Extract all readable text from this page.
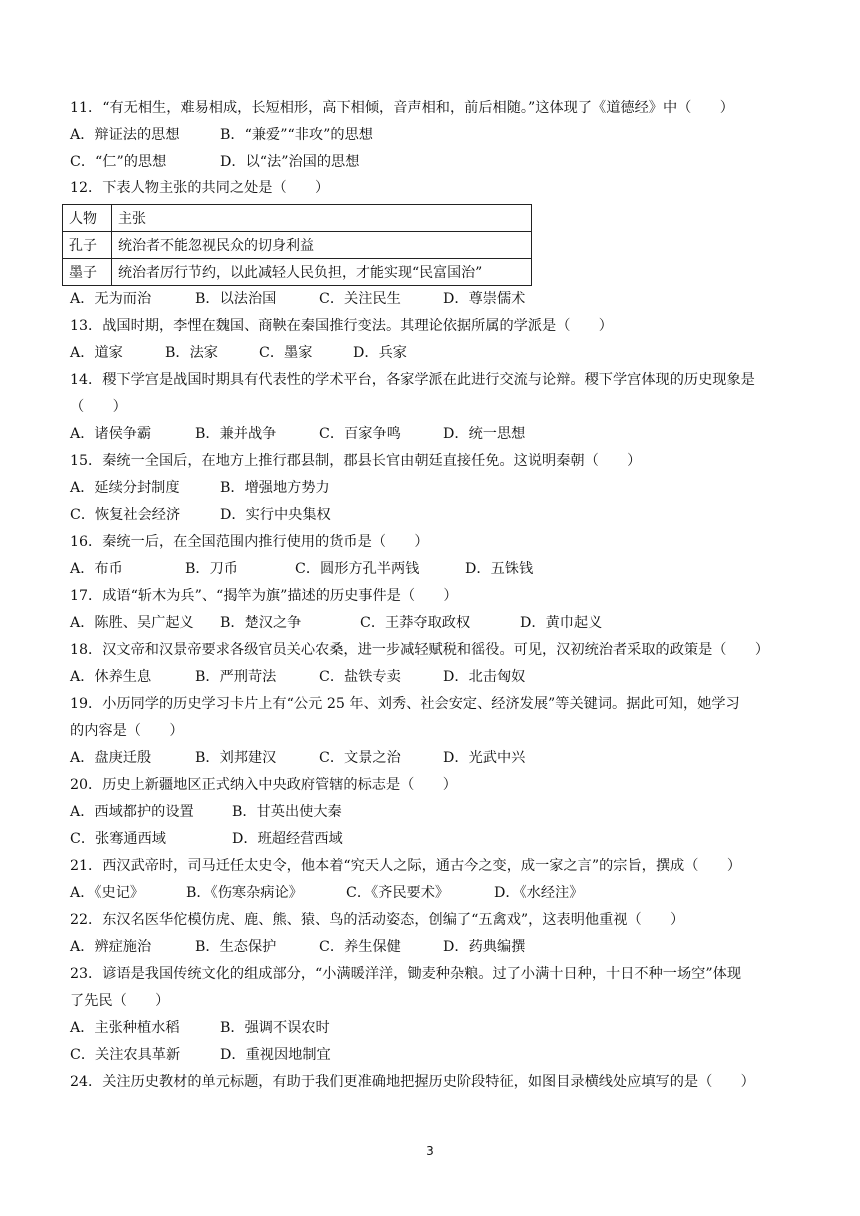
11．“有无相生，难易相成，长短相形，高下相倾，音声相和，前后相随。”这体现了《道德经》中（　　）
A．辩证法的思想	B．“兼爱”“非攻”的思想
C．“仁”的思想	D．以“法”治国的思想
12．下表人物主张的共同之处是（　　）
人物	主张
孔子	统治者不能忽视民众的切身利益
墨子	统治者厉行节约，以此减轻人民负担，才能实现“民富国治”
A．无为而治	B．以法治国	C．关注民生	D．尊崇儒术
13．战国时期，李悝在魏国、商鞅在秦国推行变法。其理论依据所属的学派是（　　）
A．道家	B．法家	C．墨家	D．兵家
14．稷下学宫是战国时期具有代表性的学术平台，各家学派在此进行交流与论辩。稷下学宫体现的历史现象是
（　　）
A．诸侯争霸	B．兼并战争	C．百家争鸣	D．统一思想
15．秦统一全国后，在地方上推行郡县制，郡县长官由朝廷直接任免。这说明秦朝（　　）
A．延续分封制度	B．增强地方势力
C．恢复社会经济	D．实行中央集权
16．秦统一后，在全国范围内推行使用的货币是（　　）
A．布币	B．刀币	C．圆形方孔半两钱	D．五铢钱
17．成语“斩木为兵”、“揭竿为旗”描述的历史事件是（　　）
A．陈胜、吴广起义 B．楚汉之争	C．王莽夺取政权	D．黄巾起义
18．汉文帝和汉景帝要求各级官员关心农桑，进一步减轻赋税和徭役。可见，汉初统治者采取的政策是（　　）
A．休养生息	B．严刑苛法	C．盐铁专卖	D．北击匈奴
19．小历同学的历史学习卡片上有“公元 25 年、刘秀、社会安定、经济发展”等关键词。据此可知，她学习
的内容是（　　）
A．盘庚迁殷	B．刘邦建汉	C．文景之治	D．光武中兴
20．历史上新疆地区正式纳入中央政府管辖的标志是（　　）
A．西域都护的设置	B．甘英出使大秦
C．张骞通西域	D．班超经营西域
21．西汉武帝时，司马迁任太史令，他本着“究天人之际，通古今之变，成一家之言”的宗旨，撰成（　　）
A．《史记》	B．《伤寒杂病论》	C．《齐民要术》	D．《水经注》
22．东汉名医华佗模仿虎、鹿、熊、猿、鸟的活动姿态，创编了“五禽戏”，这表明他重视（　　）
A．辨症施治	B．生态保护	C．养生保健	D．药典编撰
23．谚语是我国传统文化的组成部分，“小满暖洋洋，锄麦种杂粮。过了小满十日种，十日不种一场空”体现
了先民（　　）
A．主张种植水稻	B．强调不误农时
C．关注农具革新	D．重视因地制宜
24．关注历史教材的单元标题，有助于我们更准确地把握历史阶段特征，如图目录横线处应填写的是（　　）
3
